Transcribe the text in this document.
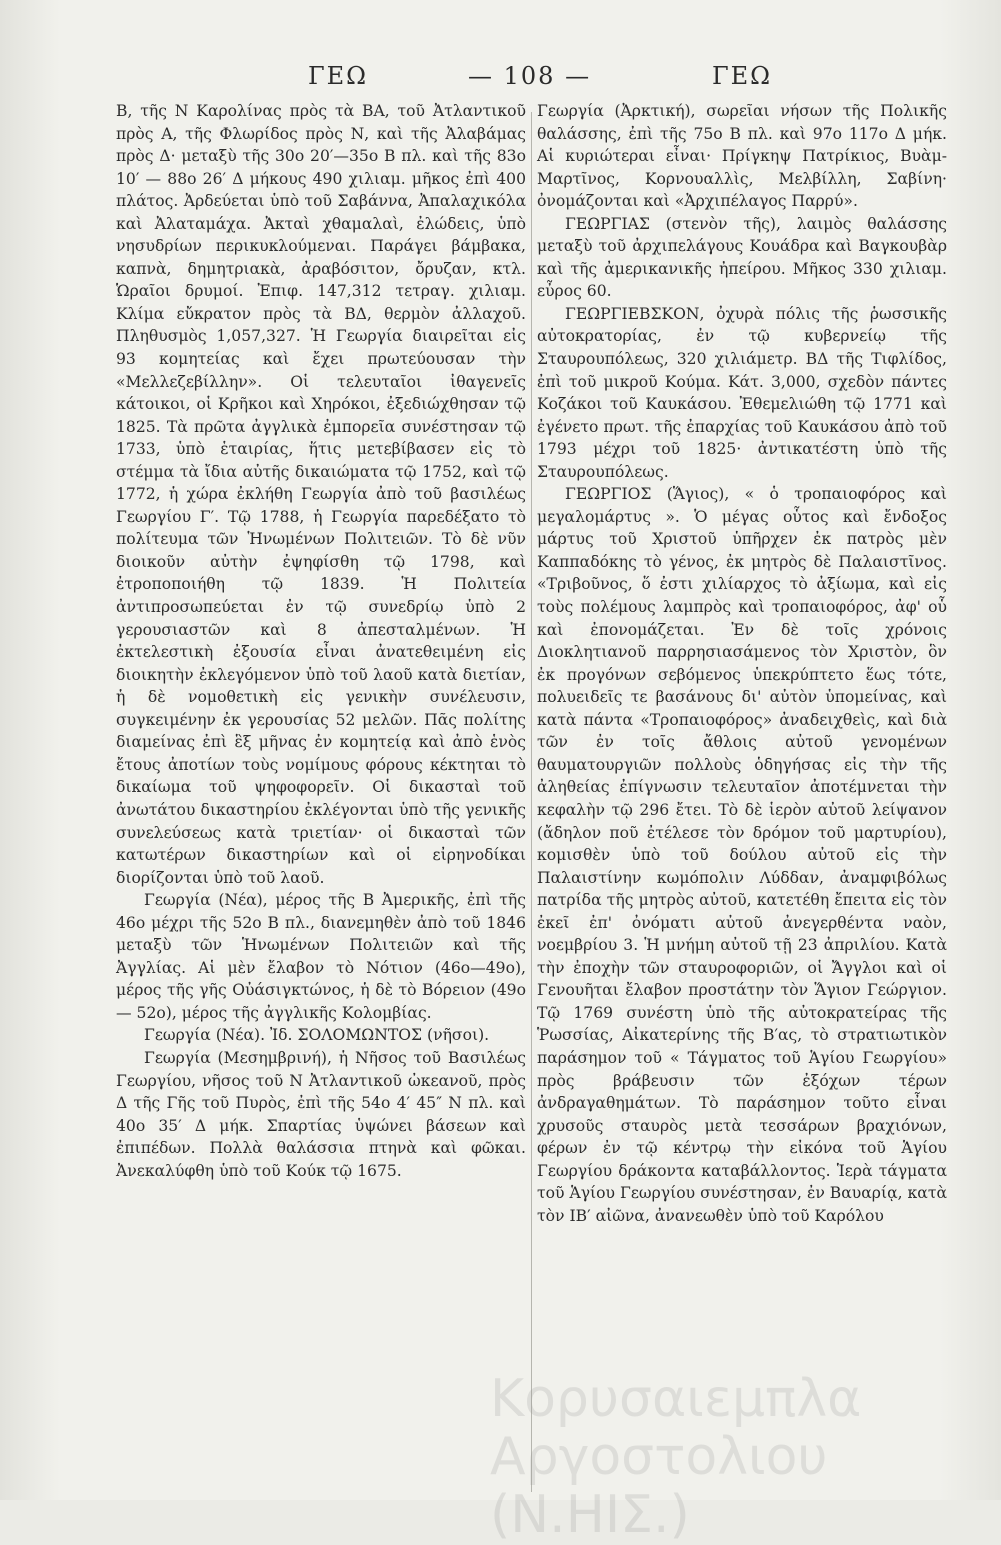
ΓΕΩ	— 108 —	ΓΕΩ

Β, τῆς Ν Καρολίνας πρὸς τὰ ΒΑ, τοῦ Ἀτλαντικοῦ πρὸς Α, τῆς Φλωρίδος πρὸς Ν, καὶ τῆς Ἀλαβάμας πρὸς Δ· μεταξὺ τῆς 30ο 20′—35ο Β πλ. καὶ τῆς 83ο 10′ — 88ο 26′ Δ μήκους 490 χιλιαμ. μῆκος ἐπὶ 400 πλάτος. Ἀρδεύεται ὑπὸ τοῦ Σαβάννα, Ἀπαλαχικόλα καὶ Ἀλαταμάχα. Ἀκταὶ χθαμαλαὶ, ἐλώδεις, ὑπὸ νησυδρίων περικυκλούμεναι. Παράγει βάμβακα, καπνὰ, δημητριακὰ, ἀραβόσιτον, ὄρυζαν, κτλ. Ὡραῖοι δρυμοί. Ἐπιφ. 147,312 τετραγ. χιλιαμ. Κλίμα εὔκρατον πρὸς τὰ ΒΔ, θερμὸν ἀλλαχοῦ. Πληθυσμὸς 1,057,327. Ἡ Γεωργία διαιρεῖται εἰς 93 κομητείας καὶ ἔχει πρωτεύουσαν τὴν «Μελλεζεβίλλην». Οἱ τελευταῖοι ἰθαγενεῖς κάτοικοι, οἱ Κρῆκοι καὶ Χηρόκοι, ἐξεδιώχθησαν τῷ 1825. Τὰ πρῶτα ἀγγλικὰ ἐμπορεῖα συνέστησαν τῷ 1733, ὑπὸ ἑταιρίας, ἥτις μετεβίβασεν εἰς τὸ στέμμα τὰ ἴδια αὐτῆς δικαιώματα τῷ 1752, καὶ τῷ 1772, ἡ χώρα ἐκλήθη Γεωργία ἀπὸ τοῦ βασιλέως Γεωργίου Γ′. Τῷ 1788, ἡ Γεωργία παρεδέξατο τὸ πολίτευμα τῶν Ἡνωμένων Πολιτειῶν. Τὸ δὲ νῦν διοικοῦν αὐτὴν ἐψηφίσθη τῷ 1798, καὶ ἐτροποποιήθη τῷ 1839. Ἡ Πολιτεία ἀντιπροσωπεύεται ἐν τῷ συνεδρίῳ ὑπὸ 2 γερουσιαστῶν καὶ 8 ἀπεσταλμένων. Ἡ ἐκτελεστικὴ ἐξουσία εἶναι ἀνατεθειμένη εἰς διοικητὴν ἐκλεγόμενον ὑπὸ τοῦ λαοῦ κατὰ διετίαν, ἡ δὲ νομοθετικὴ εἰς γενικὴν συνέλευσιν, συγκειμένην ἐκ γερουσίας 52 μελῶν. Πᾶς πολίτης διαμείνας ἐπὶ ἓξ μῆνας ἐν κομητείᾳ καὶ ἀπὸ ἑνὸς ἔτους ἀποτίων τοὺς νομίμους φόρους κέκτηται τὸ δικαίωμα τοῦ ψηφοφορεῖν. Οἱ δικασταὶ τοῦ ἀνωτάτου δικαστηρίου ἐκλέγονται ὑπὸ τῆς γενικῆς συνελεύσεως κατὰ τριετίαν· οἱ δικασταὶ τῶν κατωτέρων δικαστηρίων καὶ οἱ εἰρηνοδίκαι διορίζονται ὑπὸ τοῦ λαοῦ.

Γεωργία (Νέα), μέρος τῆς Β Ἀμερικῆς, ἐπὶ τῆς 46ο μέχρι τῆς 52ο Β πλ., διανεμηθὲν ἀπὸ τοῦ 1846 μεταξὺ τῶν Ἡνωμένων Πολιτειῶν καὶ τῆς Ἀγγλίας. Αἱ μὲν ἔλαβον τὸ Νότιον (46ο—49ο), μέρος τῆς γῆς Οὐάσιγκτώνος, ἡ δὲ τὸ Βόρειον (49ο — 52ο), μέρος τῆς ἀγγλικῆς Κολομβίας.

Γεωργία (Νέα). Ἰδ. ΣΟΛΟΜΩΝΤΟΣ (νῆσοι).

Γεωργία (Μεσημβρινή), ἡ Νῆσος τοῦ Βασιλέως Γεωργίου, νῆσος τοῦ Ν Ἀτλαντικοῦ ὠκεανοῦ, πρὸς Δ τῆς Γῆς τοῦ Πυρὸς, ἐπὶ τῆς 54ο 4′ 45″ Ν πλ. καὶ 40ο 35′ Δ μήκ. Σπαρτίας ὑψώνει βάσεων καὶ ἐπιπέδων. Πολλὰ θαλάσσια πτηνὰ καὶ φῶκαι. Ἀνεκαλύφθη ὑπὸ τοῦ Κούκ τῷ 1675.

Γεωργία (Ἀρκτική), σωρεῖαι νήσων τῆς Πολικῆς θαλάσσης, ἐπὶ τῆς 75ο Β πλ. καὶ 97ο 117ο Δ μήκ. Αἱ κυριώτεραι εἶναι· Πρίγκηψ Πατρίκιος, Βυὰμ-Μαρτῖνος, Κορνουαλλὶς, Μελβίλλη, Σαβίνη· ὀνομάζονται καὶ «Ἀρχιπέλαγος Παρρύ».

ΓΕΩΡΓΙΑΣ (στενὸν τῆς), λαιμὸς θαλάσσης μεταξὺ τοῦ ἀρχιπελάγους Κουάδρα καὶ Βαγκουβὰρ καὶ τῆς ἀμερικανικῆς ἠπείρου. Μῆκος 330 χιλιαμ. εὖρος 60.

ΓΕΩΡΓΙΕΒΣΚΟΝ, ὀχυρὰ πόλις τῆς ῥωσσικῆς αὐτοκρατορίας, ἐν τῷ κυβερνείῳ τῆς Σταυρουπόλεως, 320 χιλιάμετρ. ΒΔ τῆς Τιφλίδος, ἐπὶ τοῦ μικροῦ Κούμα. Κάτ. 3,000, σχεδὸν πάντες Κοζάκοι τοῦ Καυκάσου. Ἐθεμελιώθη τῷ 1771 καὶ ἐγένετο πρωτ. τῆς ἐπαρχίας τοῦ Καυκάσου ἀπὸ τοῦ 1793 μέχρι τοῦ 1825· ἀντικατέστη ὑπὸ τῆς Σταυρουπόλεως.

ΓΕΩΡΓΙΟΣ (Ἅγιος), « ὁ τροπαιοφόρος καὶ μεγαλομάρτυς ». Ὁ μέγας οὗτος καὶ ἔνδοξος μάρτυς τοῦ Χριστοῦ ὑπῆρχεν ἐκ πατρὸς μὲν Καππαδόκης τὸ γένος, ἐκ μητρὸς δὲ Παλαιστῖνος. «Τριβοῦνος, ὅ ἐστι χιλίαρχος τὸ ἀξίωμα, καὶ εἰς τοὺς πολέμους λαμπρὸς καὶ τροπαιοφόρος, ἀφ' οὗ καὶ ἐπονομάζεται. Ἐν δὲ τοῖς χρόνοις Διοκλητιανοῦ παρρησιασάμενος τὸν Χριστὸν, ὃν ἐκ προγόνων σεβόμενος ὑπεκρύπτετο ἕως τότε, πολυειδεῖς τε βασάνους δι' αὐτὸν ὑπομείνας, καὶ κατὰ πάντα «Τροπαιοφόρος» ἀναδειχθεὶς, καὶ διὰ τῶν ἐν τοῖς ἄθλοις αὐτοῦ γενομένων θαυματουργιῶν πολλοὺς ὁδηγήσας εἰς τὴν τῆς ἀληθείας ἐπίγνωσιν τελευταῖον ἀποτέμνεται τὴν κεφαλὴν τῷ 296 ἔτει. Τὸ δὲ ἱερὸν αὐτοῦ λείψανον (ἄδηλον ποῦ ἐτέλεσε τὸν δρόμον τοῦ μαρτυρίου), κομισθὲν ὑπὸ τοῦ δούλου αὐτοῦ εἰς τὴν Παλαιστίνην κωμόπολιν Λύδδαν, ἀναμφιβόλως πατρίδα τῆς μητρὸς αὐτοῦ, κατετέθη ἔπειτα εἰς τὸν ἐκεῖ ἐπ' ὀνόματι αὐτοῦ ἀνεγερθέντα ναὸν, νοεμβρίου 3. Ἡ μνήμη αὐτοῦ τῇ 23 ἀπριλίου. Κατὰ τὴν ἐποχὴν τῶν σταυροφοριῶν, οἱ Ἄγγλοι καὶ οἱ Γενουῆται ἔλαβον προστάτην τὸν Ἅγιον Γεώργιον. Τῷ 1769 συνέστη ὑπὸ τῆς αὐτοκρατείρας τῆς Ῥωσσίας, Αἰκατερίνης τῆς Β′ας, τὸ στρατιωτικὸν παράσημον τοῦ « Τάγματος τοῦ Ἁγίου Γεωργίου» πρὸς βράβευσιν τῶν ἐξόχων τέρων ἀνδραγαθημάτων. Τὸ παράσημον τοῦτο εἶναι χρυσοῦς σταυρὸς μετὰ τεσσάρων βραχιόνων, φέρων ἐν τῷ κέντρῳ τὴν εἰκόνα τοῦ Ἁγίου Γεωργίου δράκοντα καταβάλλοντος. Ἱερὰ τάγματα τοῦ Ἁγίου Γεωργίου συνέστησαν, ἐν Βαυαρίᾳ, κατὰ τὸν ΙΒ′ αἰῶνα, ἀνανεωθὲν ὑπὸ τοῦ Καρόλου

Κορυσαιεμπλα
Αργοστολιου (Ν.ΗΙΣ.)
